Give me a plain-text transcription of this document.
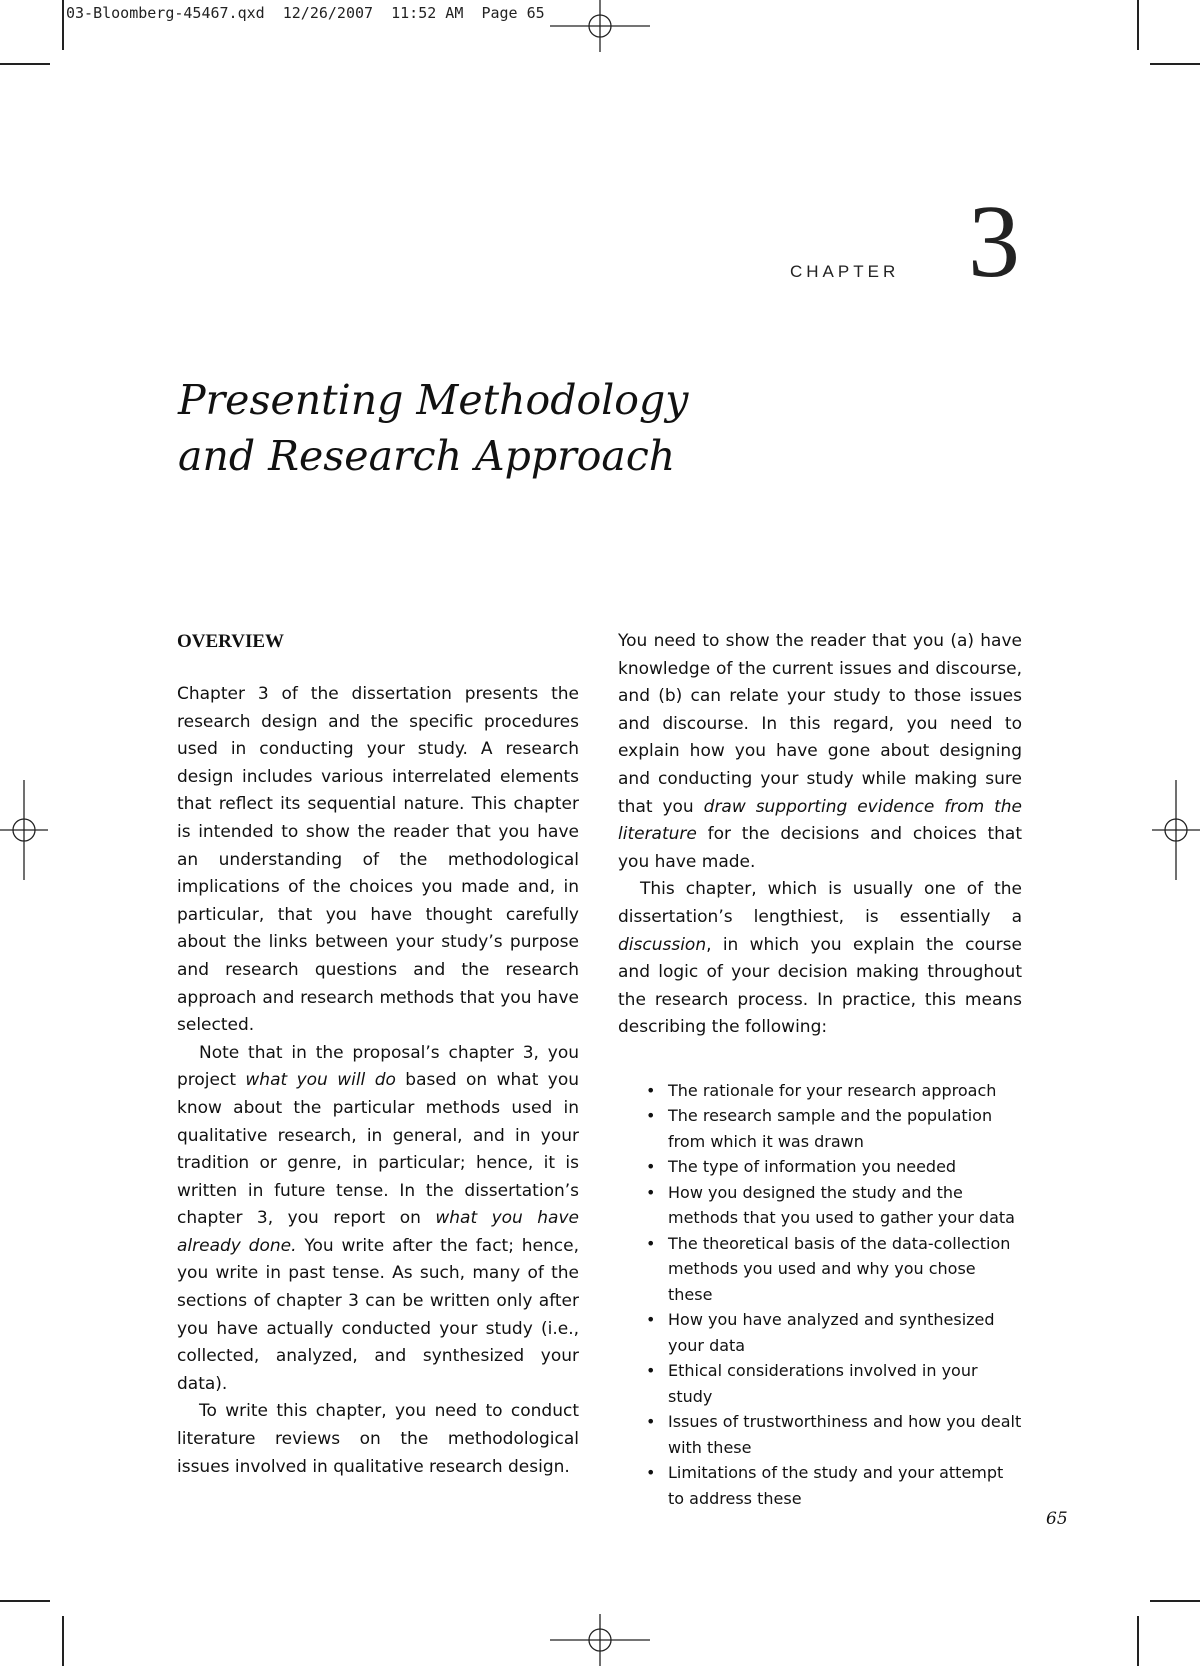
03-Bloomberg-45467.qxd 12/26/2007 11:52 AM Page 65
CHAPTER 3
Presenting Methodology
and Research Approach
OVERVIEW

Chapter 3 of the dissertation presents the research design and the specific procedures used in conducting your study. A research design includes various interrelated elements that reflect its sequential nature. This chapter is intended to show the reader that you have an understanding of the methodological implications of the choices you made and, in particular, that you have thought carefully about the links between your study’s purpose and research questions and the research approach and research methods that you have selected.

Note that in the proposal’s chapter 3, you project what you will do based on what you know about the particular methods used in qualitative research, in general, and in your tradition or genre, in particular; hence, it is written in future tense. In the dissertation’s chapter 3, you report on what you have already done. You write after the fact; hence, you write in past tense. As such, many of the sections of chapter 3 can be written only after you have actually conducted your study (i.e., collected, analyzed, and synthesized your data).

To write this chapter, you need to conduct literature reviews on the methodological issues involved in qualitative research design.

You need to show the reader that you (a) have knowledge of the current issues and discourse, and (b) can relate your study to those issues and discourse. In this regard, you need to explain how you have gone about designing and conducting your study while making sure that you draw supporting evidence from the literature for the decisions and choices that you have made.

This chapter, which is usually one of the dissertation’s lengthiest, is essentially a discussion, in which you explain the course and logic of your decision making throughout the research process. In practice, this means describing the following:

• The rationale for your research approach
• The research sample and the population from which it was drawn
• The type of information you needed
• How you designed the study and the methods that you used to gather your data
• The theoretical basis of the data-collection methods you used and why you chose these
• How you have analyzed and synthesized your data
• Ethical considerations involved in your study
• Issues of trustworthiness and how you dealt with these
• Limitations of the study and your attempt to address these
65
